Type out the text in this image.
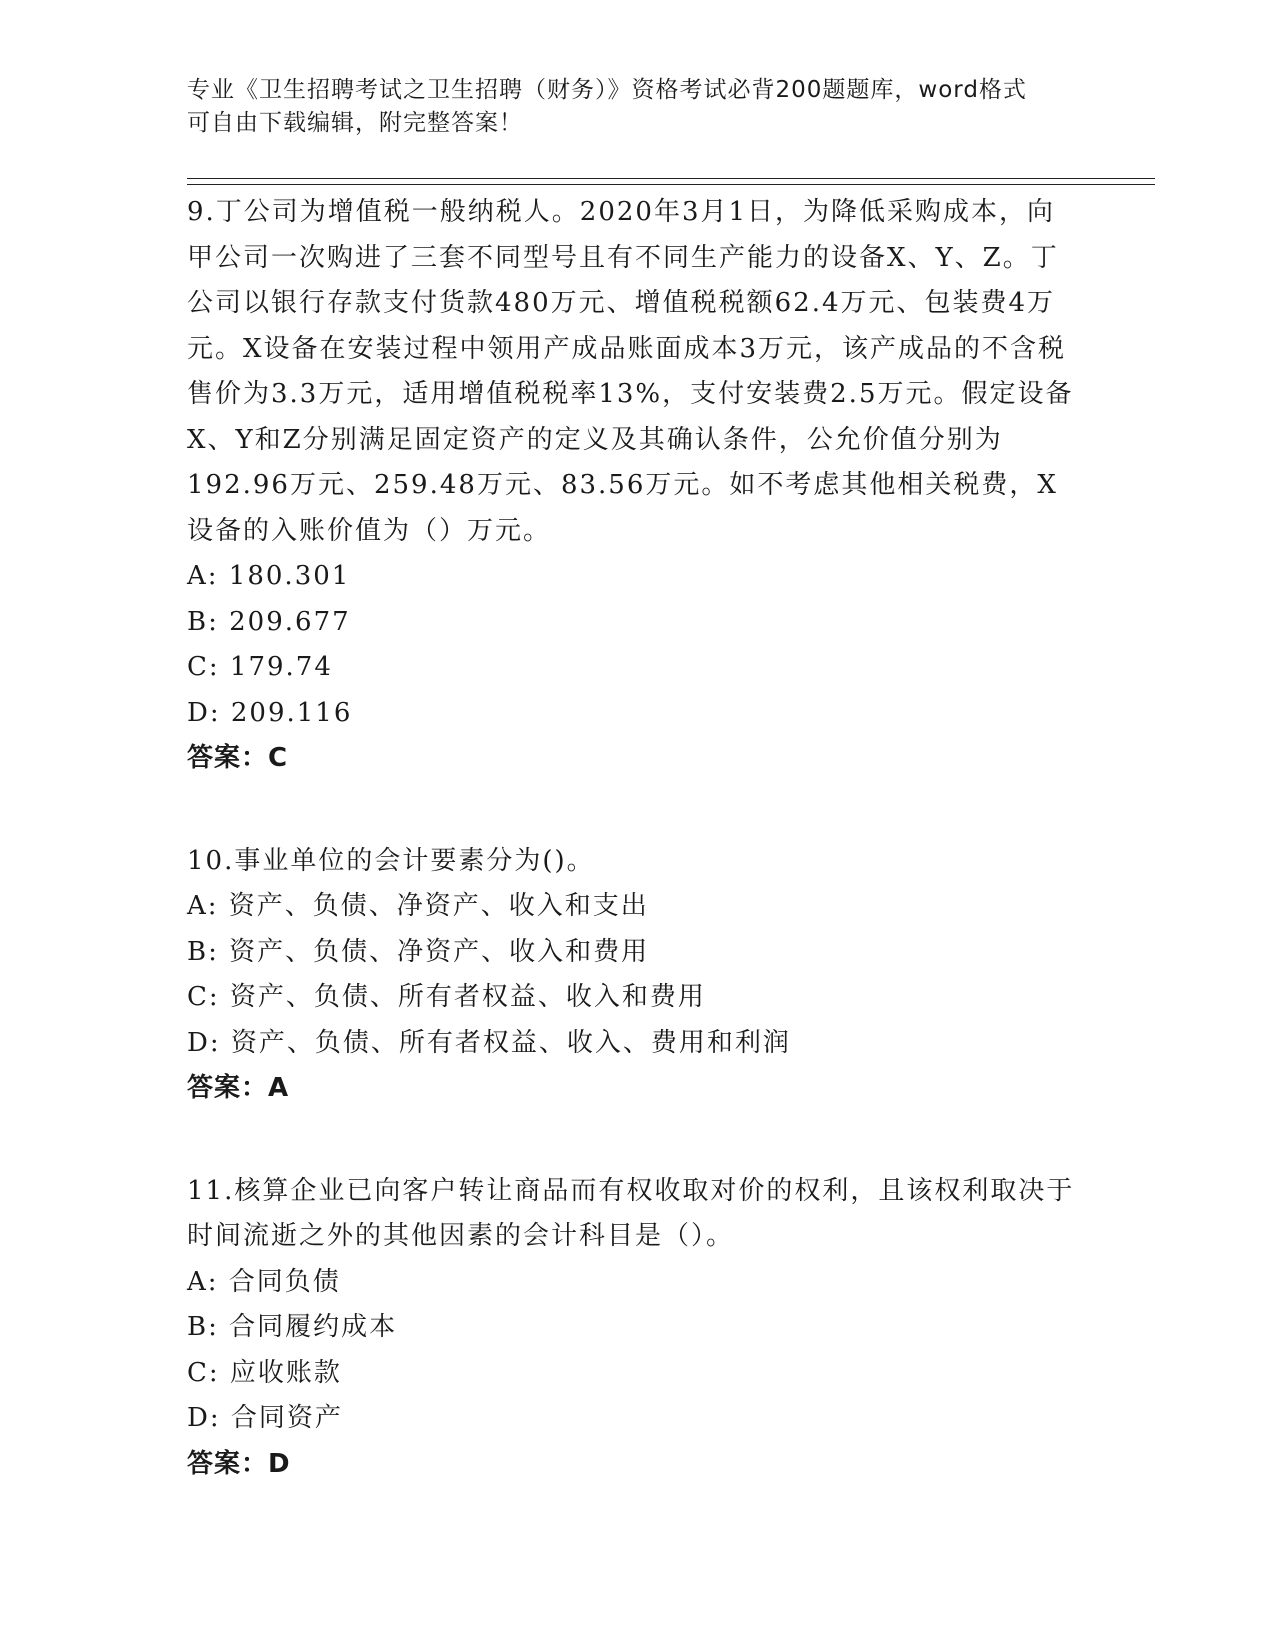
专业《卫生招聘考试之卫生招聘（财务）》资格考试必背200题题库，word格式
可自由下载编辑，附完整答案！
9.丁公司为增值税一般纳税人。2020年3月1日，为降低采购成本，向甲公司一次购进了三套不同型号且有不同生产能力的设备X、Y、Z。丁公司以银行存款支付货款480万元、增值税税额62.4万元、包装费4万元。X设备在安装过程中领用产成品账面成本3万元，该产成品的不含税售价为3.3万元，适用增值税税率13%，支付安装费2.5万元。假定设备X、Y和Z分别满足固定资产的定义及其确认条件，公允价值分别为192.96万元、259.48万元、83.56万元。如不考虑其他相关税费，X设备的入账价值为（）万元。
A: 180.301
B: 209.677
C: 179.74
D: 209.116
答案：C
10.事业单位的会计要素分为()。
A: 资产、负债、净资产、收入和支出
B: 资产、负债、净资产、收入和费用
C: 资产、负债、所有者权益、收入和费用
D: 资产、负债、所有者权益、收入、费用和利润
答案：A
11.核算企业已向客户转让商品而有权收取对价的权利，且该权利取决于时间流逝之外的其他因素的会计科目是（）。
A: 合同负债
B: 合同履约成本
C: 应收账款
D: 合同资产
答案：D
